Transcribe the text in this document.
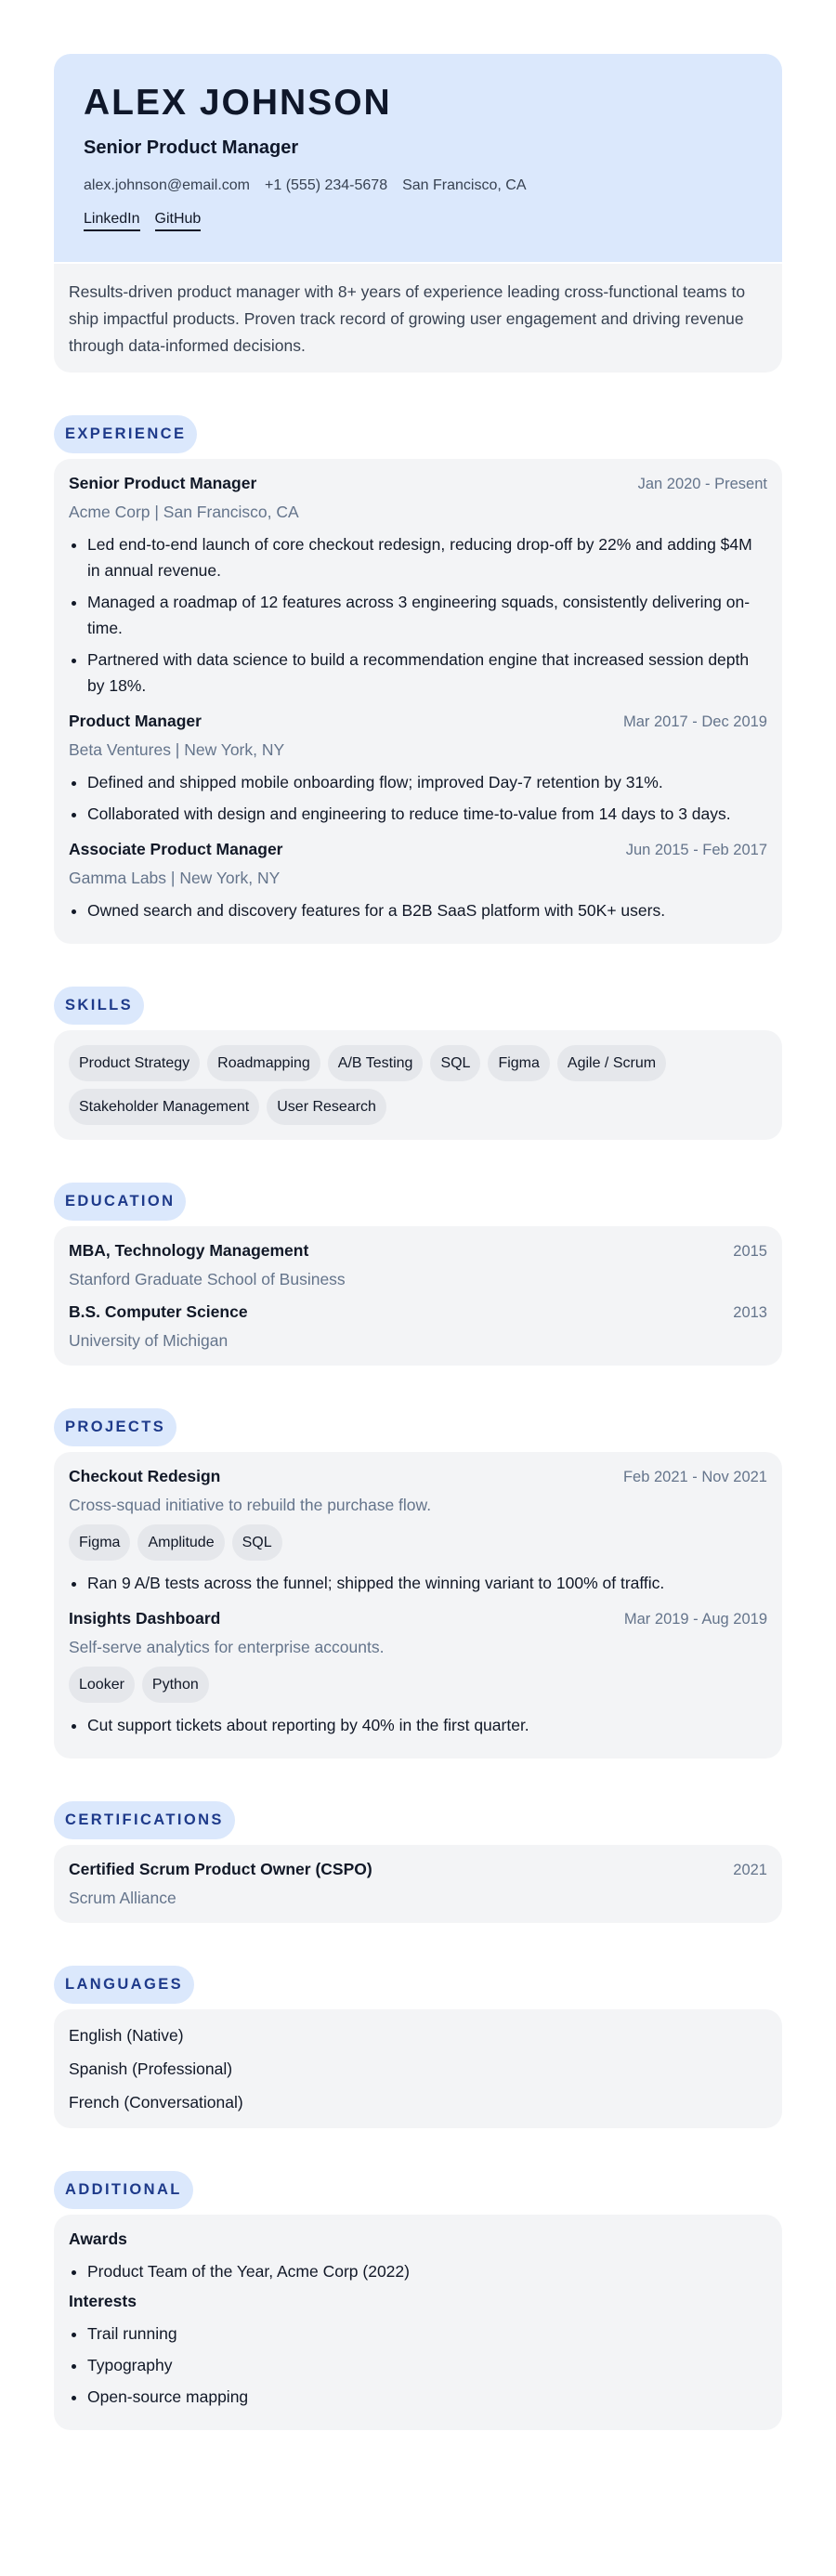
ALEX JOHNSON
Senior Product Manager
alex.johnson@email.com +1 (555) 234-5678 San Francisco, CA
LinkedIn GitHub
Results-driven product manager with 8+ years of experience leading cross-functional teams to ship impactful products. Proven track record of growing user engagement and driving revenue through data-informed decisions.
EXPERIENCE
Senior Product Manager	Jan 2020 - Present
Acme Corp | San Francisco, CA
• Led end-to-end launch of core checkout redesign, reducing drop-off by 22% and adding $4M in annual revenue.
• Managed a roadmap of 12 features across 3 engineering squads, consistently delivering on-time.
• Partnered with data science to build a recommendation engine that increased session depth by 18%.
Product Manager	Mar 2017 - Dec 2019
Beta Ventures | New York, NY
• Defined and shipped mobile onboarding flow; improved Day-7 retention by 31%.
• Collaborated with design and engineering to reduce time-to-value from 14 days to 3 days.
Associate Product Manager	Jun 2015 - Feb 2017
Gamma Labs | New York, NY
• Owned search and discovery features for a B2B SaaS platform with 50K+ users.
SKILLS
Product Strategy	Roadmapping	A/B Testing	SQL	Figma	Agile / Scrum
Stakeholder Management	User Research
EDUCATION
MBA, Technology Management	2015
Stanford Graduate School of Business
B.S. Computer Science	2013
University of Michigan
PROJECTS
Checkout Redesign	Feb 2021 - Nov 2021
Cross-squad initiative to rebuild the purchase flow.
Figma	Amplitude	SQL
• Ran 9 A/B tests across the funnel; shipped the winning variant to 100% of traffic.
Insights Dashboard	Mar 2019 - Aug 2019
Self-serve analytics for enterprise accounts.
Looker	Python
• Cut support tickets about reporting by 40% in the first quarter.
CERTIFICATIONS
Certified Scrum Product Owner (CSPO)	2021
Scrum Alliance
LANGUAGES
English (Native)
Spanish (Professional)
French (Conversational)
ADDITIONAL
Awards
• Product Team of the Year, Acme Corp (2022)
Interests
• Trail running
• Typography
• Open-source mapping
